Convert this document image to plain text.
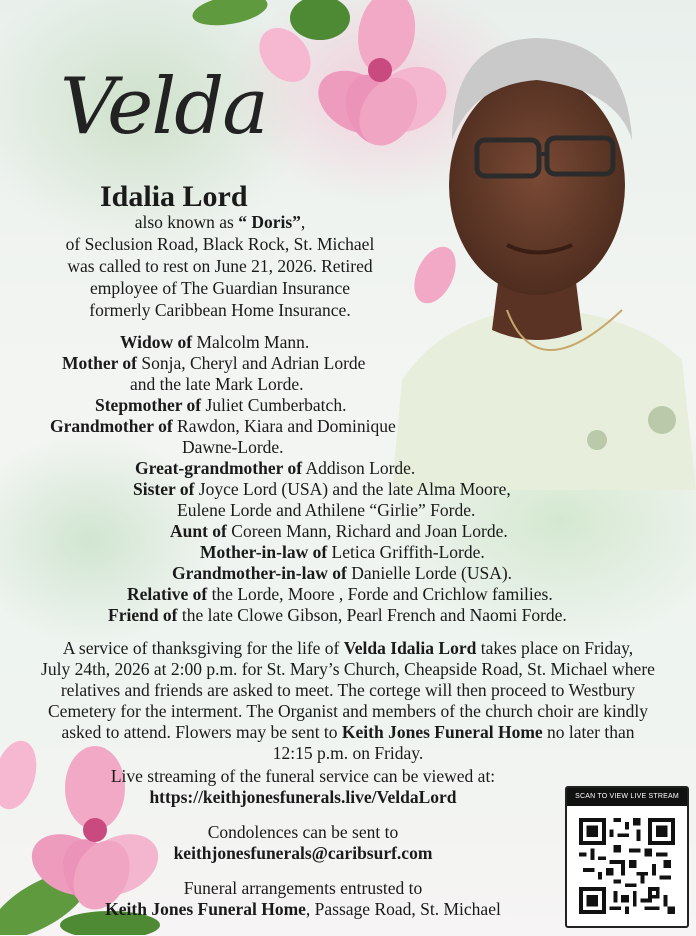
Velda
Idalia Lord
also known as “ Doris”,
of Seclusion Road, Black Rock, St. Michael
was called to rest on June 21, 2026. Retired
employee of The Guardian Insurance
formerly Caribbean Home Insurance.
Widow of Malcolm Mann.
Mother of Sonja, Cheryl and Adrian Lorde
and the late Mark Lorde.
Stepmother of Juliet Cumberbatch.
Grandmother of Rawdon, Kiara and Dominique
Dawne-Lorde.
Great-grandmother of Addison Lorde.
Sister of Joyce Lord (USA) and the late Alma Moore,
Eulene Lorde and Athilene “Girlie” Forde.
Aunt of Coreen Mann, Richard and Joan Lorde.
Mother-in-law of Letica Griffith-Lorde.
Grandmother-in-law of Danielle Lorde (USA).
Relative of the Lorde, Moore , Forde and Crichlow families.
Friend of the late Clowe Gibson, Pearl French and Naomi Forde.
A service of thanksgiving for the life of Velda Idalia Lord takes place on Friday,
July 24th, 2026 at 2:00 p.m. for St. Mary’s Church, Cheapside Road, St. Michael where
relatives and friends are asked to meet. The cortege will then proceed to Westbury
Cemetery for the interment. The Organist and members of the church choir are kindly
asked to attend. Flowers may be sent to Keith Jones Funeral Home no later than
12:15 p.m. on Friday.
Live streaming of the funeral service can be viewed at:
https://keithjonesfunerals.live/VeldaLord
Condolences can be sent to
keithjonesfunerals@caribsurf.com
Funeral arrangements entrusted to
Keith Jones Funeral Home, Passage Road, St. Michael
SCAN TO VIEW LIVE STREAM
